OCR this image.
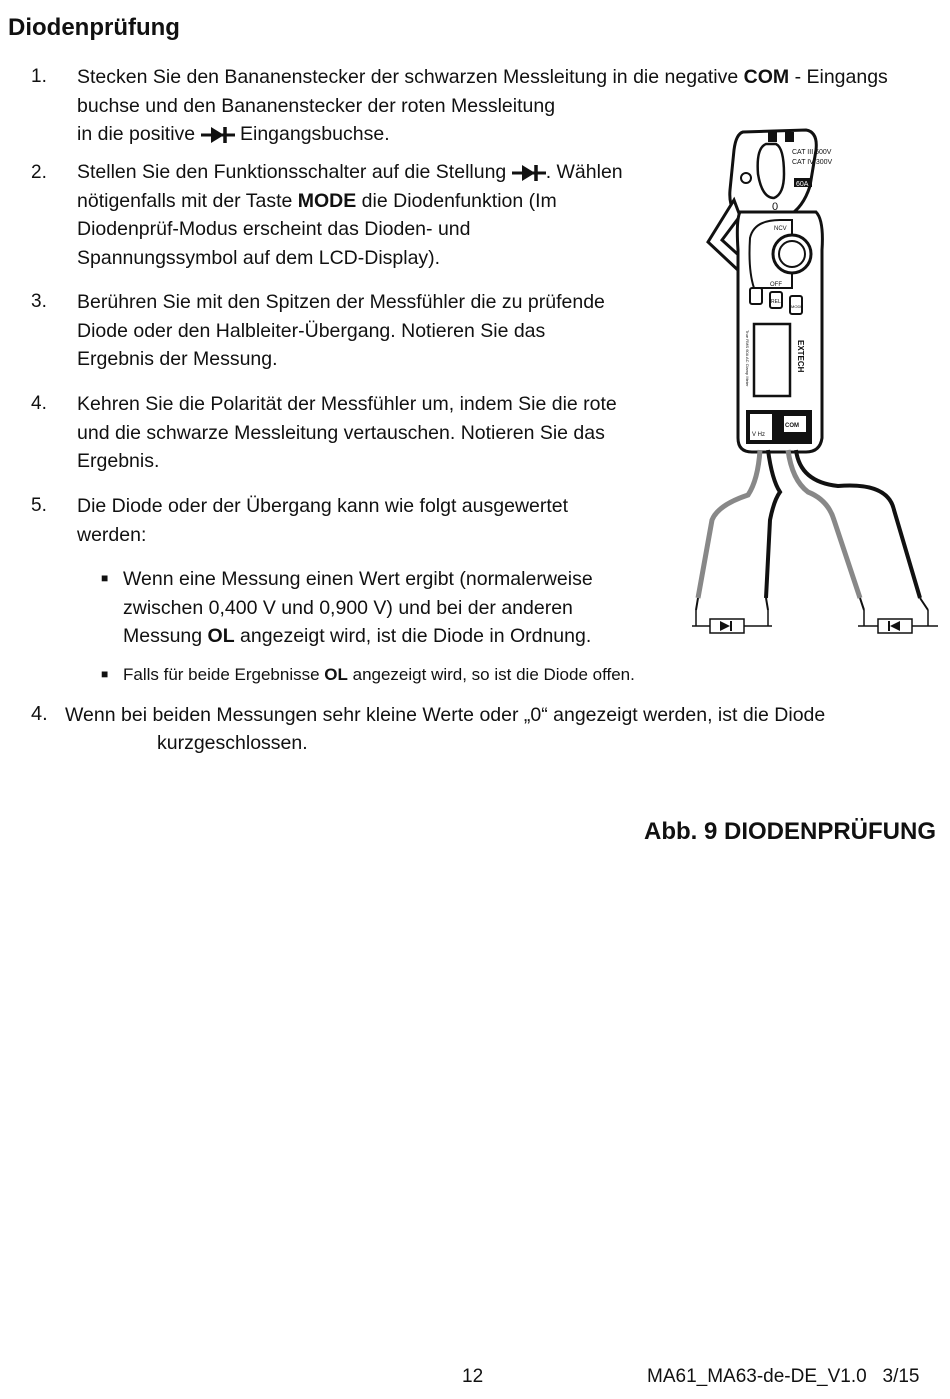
Diodenprüfung
1. Stecken Sie den Bananenstecker der schwarzen Messleitung in die negative COM - Eingangs
buchse und den Bananenstecker der roten Messleitung
in die positive  Eingangsbuchse.
2. Stellen Sie den Funktionsschalter auf die Stellung . Wählen
nötigenfalls mit der Taste MODE die Diodenfunktion (Im
Diodenprüf-Modus erscheint das Dioden- und
Spannungssymbol auf dem LCD-Display).
3. Berühren Sie mit den Spitzen der Messfühler die zu prüfende
Diode oder den Halbleiter-Übergang. Notieren Sie das
Ergebnis der Messung.
4. Kehren Sie die Polarität der Messfühler um, indem Sie die rote
und die schwarze Messleitung vertauschen. Notieren Sie das
Ergebnis.
5. Die Diode oder der Übergang kann wie folgt ausgewertet
werden:
■ Wenn eine Messung einen Wert ergibt (normalerweise
zwischen 0,400 V und 0,900 V) und bei der anderen
Messung OL angezeigt wird, ist die Diode in Ordnung.
■ Falls für beide Ergebnisse OL angezeigt wird, so ist die Diode offen.
4. Wenn bei beiden Messungen sehr kleine Werte oder „0“ angezeigt werden, ist die Diode
kurzgeschlossen.
CAT III 600V
CAT IV 300V
60A
0
NCV
OFF
REL
MODE
EXTECH
True RMS 60A AC Clamp Meter
V Hz
COM
Abb. 9 DIODENPRÜFUNG
12	MA61_MA63-de-DE_V1.0   3/15
